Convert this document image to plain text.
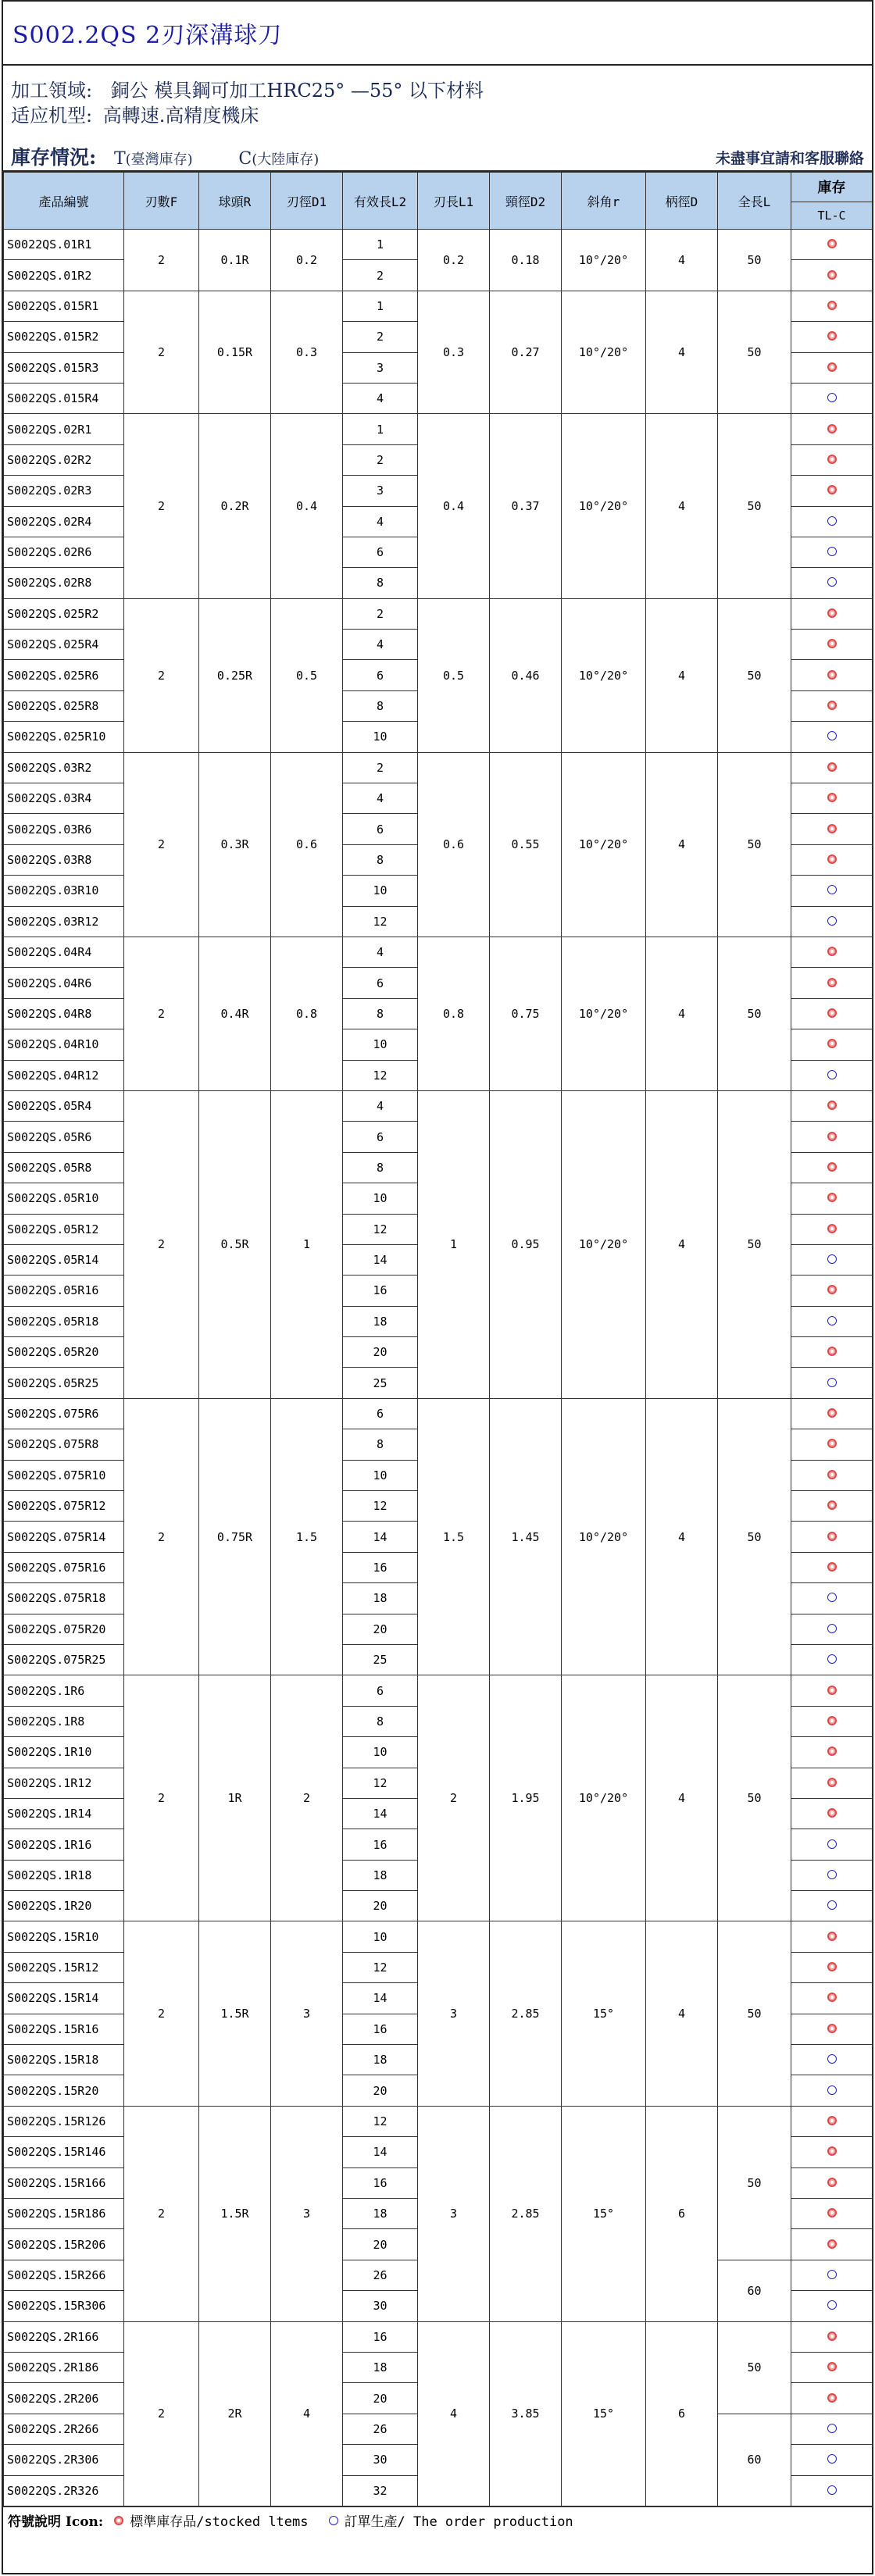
S002.2QS 2刃深溝球刀
加工領域: 銅公 模具鋼可加工HRC25° —55° 以下材料
适应机型: 高轉速.高精度機床
庫存情況: T(臺灣庫存)	C(大陸庫存)	未盡事宜請和客服聯絡
產品編號	刃數F	球頭R	刃徑D1	有效長L2	刃長L1	頸徑D2	斜角r	柄徑D	全長L	庫存
										TL-C
S0022QS.01R1	2	0.1R	0.2	1	0.2	0.18	10°/20°	4	50	
S0022QS.01R2				2						
S0022QS.015R1	2	0.15R	0.3	1	0.3	0.27	10°/20°	4	50	
S0022QS.015R2				2						
S0022QS.015R3				3						
S0022QS.015R4				4						
S0022QS.02R1	2	0.2R	0.4	1	0.4	0.37	10°/20°	4	50	
S0022QS.02R2				2						
S0022QS.02R3				3						
S0022QS.02R4				4						
S0022QS.02R6				6						
S0022QS.02R8				8						
S0022QS.025R2	2	0.25R	0.5	2	0.5	0.46	10°/20°	4	50	
S0022QS.025R4				4						
S0022QS.025R6				6						
S0022QS.025R8				8						
S0022QS.025R10				10						
S0022QS.03R2	2	0.3R	0.6	2	0.6	0.55	10°/20°	4	50	
S0022QS.03R4				4						
S0022QS.03R6				6						
S0022QS.03R8				8						
S0022QS.03R10				10						
S0022QS.03R12				12						
S0022QS.04R4	2	0.4R	0.8	4	0.8	0.75	10°/20°	4	50	
S0022QS.04R6				6						
S0022QS.04R8				8						
S0022QS.04R10				10						
S0022QS.04R12				12						
S0022QS.05R4	2	0.5R	1	4	1	0.95	10°/20°	4	50	
S0022QS.05R6				6						
S0022QS.05R8				8						
S0022QS.05R10				10						
S0022QS.05R12				12						
S0022QS.05R14				14						
S0022QS.05R16				16						
S0022QS.05R18				18						
S0022QS.05R20				20						
S0022QS.05R25				25						
S0022QS.075R6	2	0.75R	1.5	6	1.5	1.45	10°/20°	4	50	
S0022QS.075R8				8						
S0022QS.075R10				10						
S0022QS.075R12				12						
S0022QS.075R14				14						
S0022QS.075R16				16						
S0022QS.075R18				18						
S0022QS.075R20				20						
S0022QS.075R25				25						
S0022QS.1R6	2	1R	2	6	2	1.95	10°/20°	4	50	
S0022QS.1R8				8						
S0022QS.1R10				10						
S0022QS.1R12				12						
S0022QS.1R14				14						
S0022QS.1R16				16						
S0022QS.1R18				18						
S0022QS.1R20				20						
S0022QS.15R10	2	1.5R	3	10	3	2.85	15°	4	50	
S0022QS.15R12				12						
S0022QS.15R14				14						
S0022QS.15R16				16						
S0022QS.15R18				18						
S0022QS.15R20				20						
S0022QS.15R126	2	1.5R	3	12	3	2.85	15°	6	50	
S0022QS.15R146				14						
S0022QS.15R166				16						
S0022QS.15R186				18						
S0022QS.15R206				20						
S0022QS.15R266				26					60	
S0022QS.15R306				30						
S0022QS.2R166	2	2R	4	16	4	3.85	15°	6	50	
S0022QS.2R186				18						
S0022QS.2R206				20						
S0022QS.2R266				26					60	
S0022QS.2R306				30						
S0022QS.2R326				32						
符號說明 Icon: 標準庫存品/stocked ltems	訂單生產/ The order production
